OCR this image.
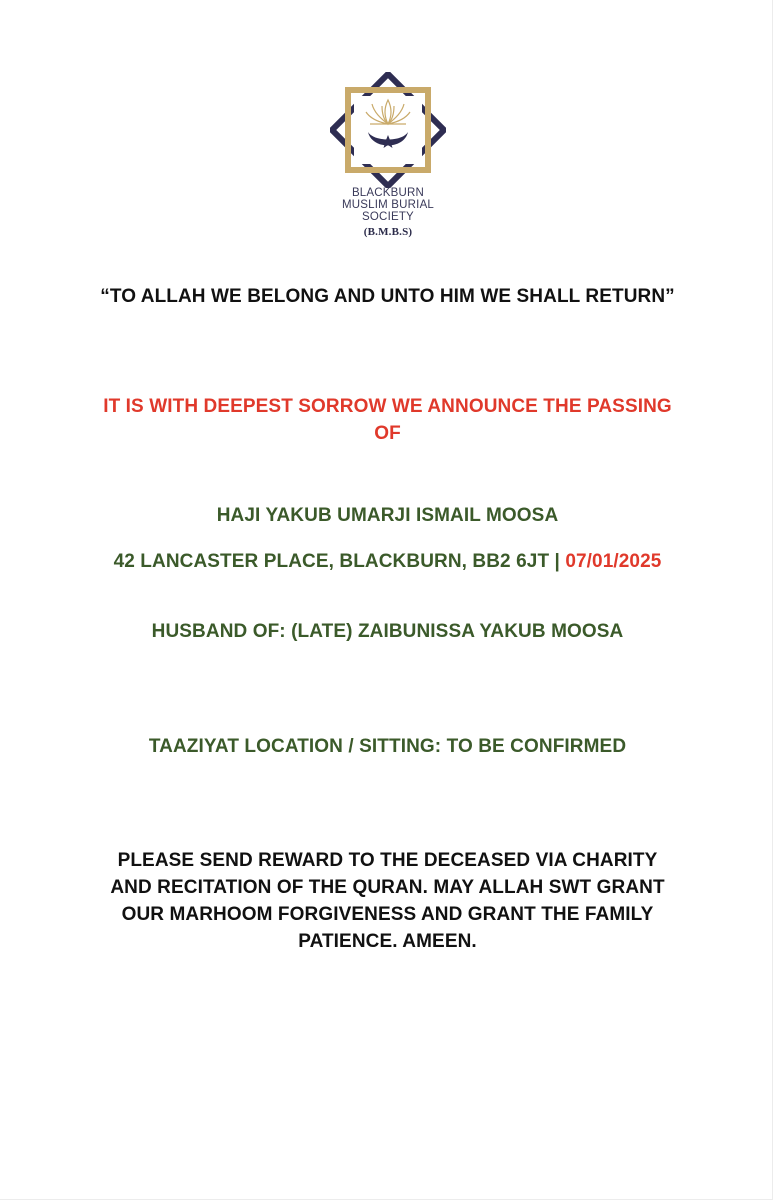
BLACKBURN
MUSLIM BURIAL
SOCIETY
(B.M.B.S)
“TO ALLAH WE BELONG AND UNTO HIM WE SHALL RETURN”
IT IS WITH DEEPEST SORROW WE ANNOUNCE THE PASSING OF
HAJI YAKUB UMARJI ISMAIL MOOSA
42 LANCASTER PLACE, BLACKBURN, BB2 6JT | 07/01/2025
HUSBAND OF: (LATE) ZAIBUNISSA YAKUB MOOSA
TAAZIYAT LOCATION / SITTING: TO BE CONFIRMED
PLEASE SEND REWARD TO THE DECEASED VIA CHARITY AND RECITATION OF THE QURAN. MAY ALLAH SWT GRANT OUR MARHOOM FORGIVENESS AND GRANT THE FAMILY PATIENCE. AMEEN.
